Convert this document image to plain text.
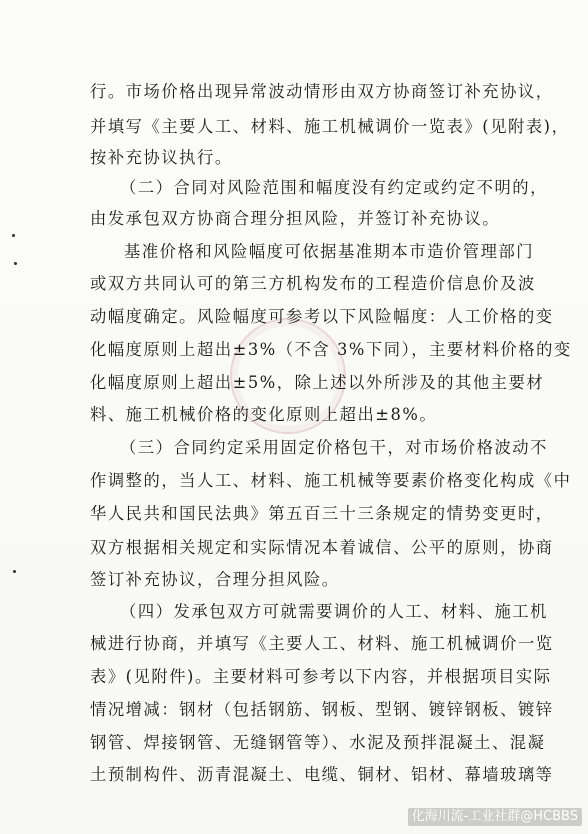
行。市场价格出现异常波动情形由双方协商签订补充协议，
并填写《主要人工、材料、施工机械调价一览表》(见附表)，
按补充协议执行。
（二）合同对风险范围和幅度没有约定或约定不明的，
由发承包双方协商合理分担风险，并签订补充协议。
基准价格和风险幅度可依据基准期本市造价管理部门
或双方共同认可的第三方机构发布的工程造价信息价及波
动幅度确定。风险幅度可参考以下风险幅度：人工价格的变
化幅度原则上超出±3%（不含 3%下同），主要材料价格的变
化幅度原则上超出±5%，除上述以外所涉及的其他主要材
料、施工机械价格的变化原则上超出±8%。
（三）合同约定采用固定价格包干，对市场价格波动不
作调整的，当人工、材料、施工机械等要素价格变化构成《中
华人民共和国民法典》第五百三十三条规定的情势变更时，
双方根据相关规定和实际情况本着诚信、公平的原则，协商
签订补充协议，合理分担风险。
（四）发承包双方可就需要调价的人工、材料、施工机
械进行协商，并填写《主要人工、材料、施工机械调价一览
表》(见附件)。主要材料可参考以下内容，并根据项目实际
情况增减：钢材（包括钢筋、钢板、型钢、镀锌钢板、镀锌
钢管、焊接钢管、无缝钢管等）、水泥及预拌混凝土、混凝
土预制构件、沥青混凝土、电缆、铜材、铝材、幕墙玻璃等
化海川流-工业社群@HCBBS
